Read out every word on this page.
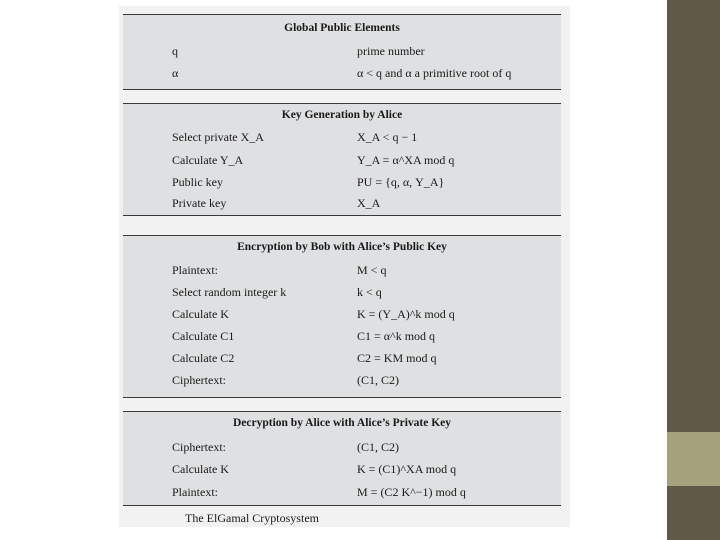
Global Public Elements
q	prime number
α	α < q and α a primitive root of q
Key Generation by Alice
Select private X_A	X_A < q − 1
Calculate Y_A	Y_A = α^XA mod q
Public key	PU = {q, α, Y_A}
Private key	X_A
Encryption by Bob with Alice’s Public Key
Plaintext:	M < q
Select random integer k	k < q
Calculate K	K = (Y_A)^k mod q
Calculate C1	C1 = α^k mod q
Calculate C2	C2 = KM mod q
Ciphertext:	(C1, C2)
Decryption by Alice with Alice’s Private Key
Ciphertext:	(C1, C2)
Calculate K	K = (C1)^XA mod q
Plaintext:	M = (C2 K^−1) mod q
The ElGamal Cryptosystem
